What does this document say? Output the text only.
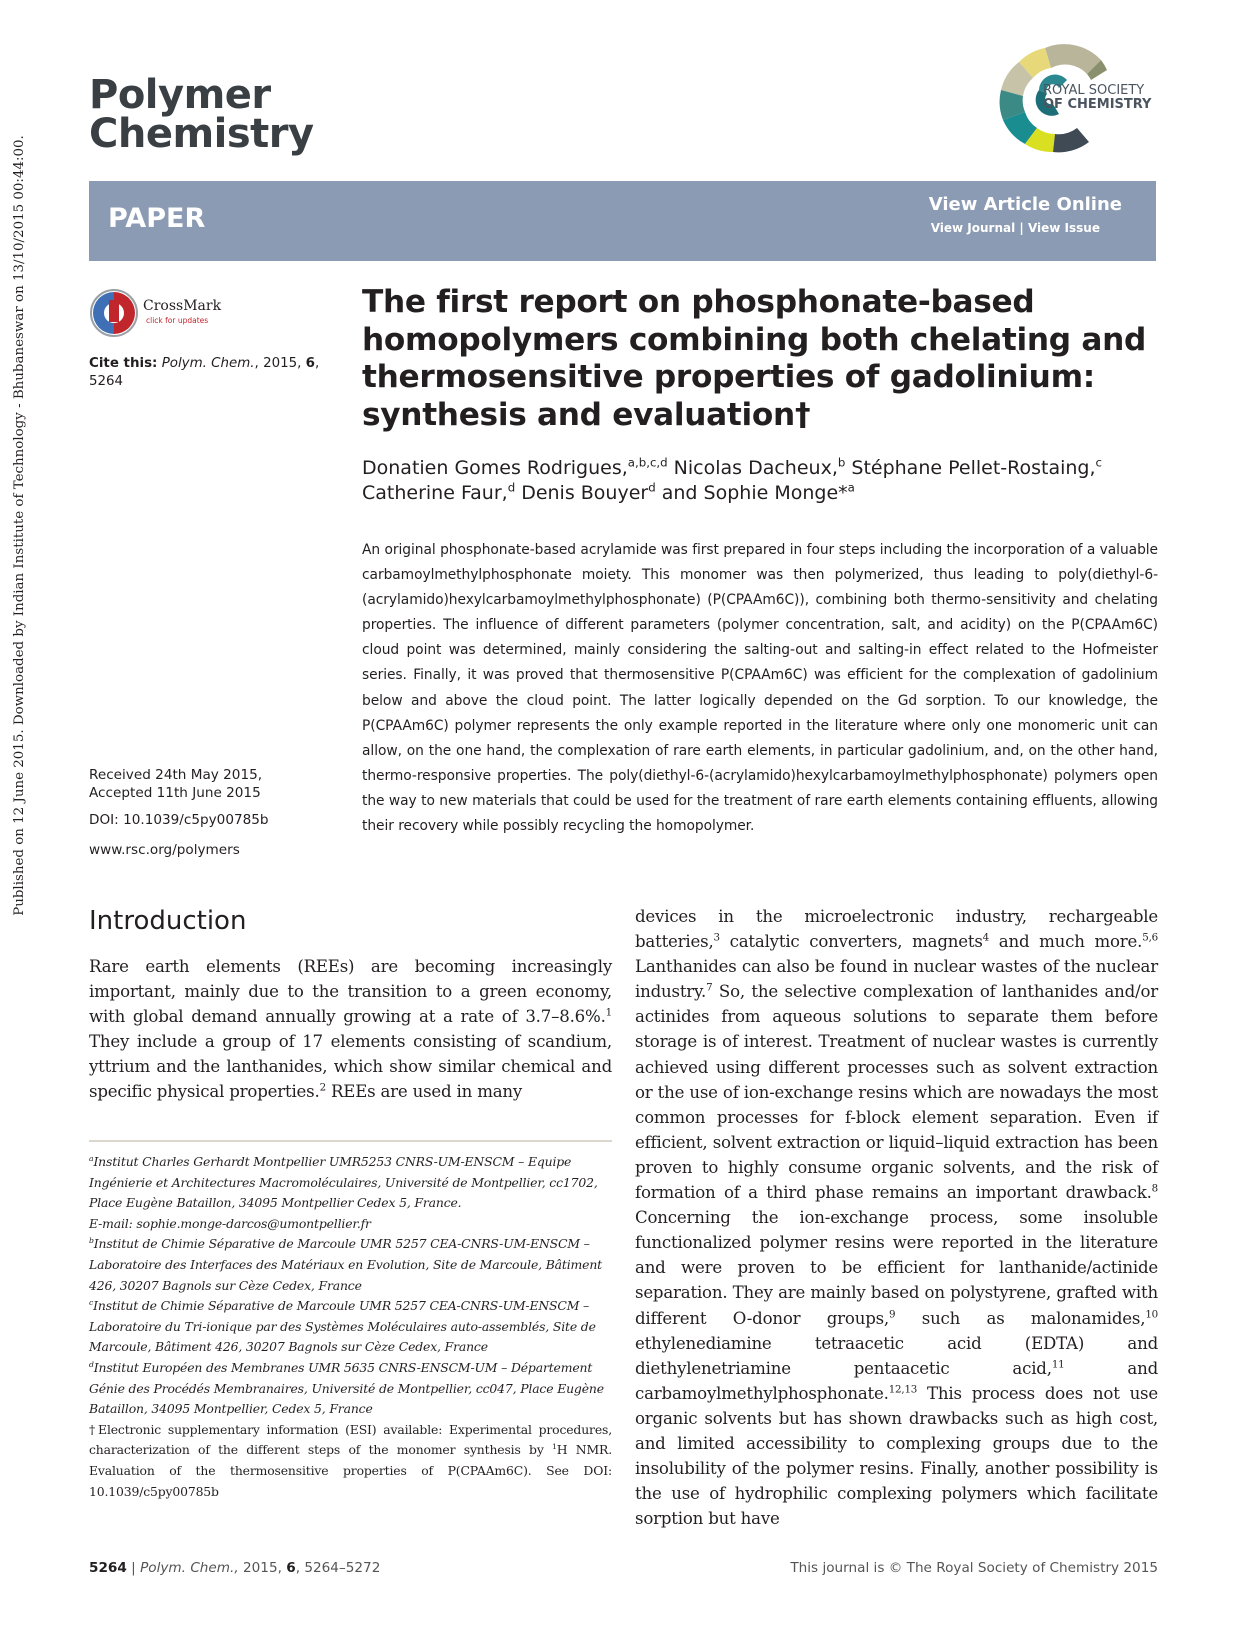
Published on 12 June 2015. Downloaded by Indian Institute of Technology - Bhubaneswar on 13/10/2015 00:44:00.
Polymer
Chemistry
ROYAL SOCIETY
OF CHEMISTRY
PAPER	View Article Online
View Journal | View Issue
CrossMark
click for updates
Cite this: Polym. Chem., 2015, 6,
5264
The first report on phosphonate-based
homopolymers combining both chelating and
thermosensitive properties of gadolinium:
synthesis and evaluation†
Donatien Gomes Rodrigues,$^{a,b,c,d}$ Nicolas Dacheux,$^b$ Stéphane Pellet-Rostaing,$^c$
Catherine Faur,$^d$ Denis Bouyer$^d$ and Sophie Monge*$^a$
An original phosphonate-based acrylamide was first prepared in four steps including the incorporation of a valuable carbamoylmethylphosphonate moiety. This monomer was then polymerized, thus leading to poly(diethyl-6-(acrylamido)hexylcarbamoylmethylphosphonate) (P(CPAAm6C)), combining both thermo-sensitivity and chelating properties. The influence of different parameters (polymer concentration, salt, and acidity) on the P(CPAAm6C) cloud point was determined, mainly considering the salting-out and salting-in effect related to the Hofmeister series. Finally, it was proved that thermosensitive P(CPAAm6C) was efficient for the complexation of gadolinium below and above the cloud point. The latter logically depended on the Gd sorption. To our knowledge, the P(CPAAm6C) polymer represents the only example reported in the literature where only one monomeric unit can allow, on the one hand, the complexation of rare earth elements, in particular gadolinium, and, on the other hand, thermo-responsive properties. The poly(diethyl-6-(acrylamido)hexylcarbamoylmethylphosphonate) polymers open the way to new materials that could be used for the treatment of rare earth elements containing effluents, allowing their recovery while possibly recycling the homopolymer.
Received 24th May 2015,
Accepted 11th June 2015
DOI: 10.1039/c5py00785b
www.rsc.org/polymers
Introduction
Rare earth elements (REEs) are becoming increasingly important, mainly due to the transition to a green economy, with global demand annually growing at a rate of 3.7–8.6%.$^1$ They include a group of 17 elements consisting of scandium, yttrium and the lanthanides, which show similar chemical and specific physical properties.$^2$ REEs are used in many

$^a$Institut Charles Gerhardt Montpellier UMR5253 CNRS-UM-ENSCM – Equipe

Ingénierie et Architectures Macromoléculaires, Université de Montpellier, cc1702,

Place Eugène Bataillon, 34095 Montpellier Cedex 5, France.

E-mail: sophie.monge-darcos@umontpellier.fr

$^b$Institut de Chimie Séparative de Marcoule UMR 5257 CEA-CNRS-UM-ENSCM –

Laboratoire des Interfaces des Matériaux en Evolution, Site de Marcoule, Bâtiment

426, 30207 Bagnols sur Cèze Cedex, France

$^c$Institut de Chimie Séparative de Marcoule UMR 5257 CEA-CNRS-UM-ENSCM –

Laboratoire du Tri-ionique par des Systèmes Moléculaires auto-assemblés, Site de

Marcoule, Bâtiment 426, 30207 Bagnols sur Cèze Cedex, France

$^d$Institut Européen des Membranes UMR 5635 CNRS-ENSCM-UM – Département

Génie des Procédés Membranaires, Université de Montpellier, cc047, Place Eugène

Bataillon, 34095 Montpellier, Cedex 5, France

†Electronic supplementary information (ESI) available: Experimental procedures, characterization of the different steps of the monomer synthesis by $^1$H NMR. Evaluation of the thermosensitive properties of P(CPAAm6C). See DOI: 10.1039/c5py00785b

devices in the microelectronic industry, rechargeable batteries,$^3$ catalytic converters, magnets$^4$ and much more.$^{5,6}$ Lanthanides can also be found in nuclear wastes of the nuclear industry.$^7$ So, the selective complexation of lanthanides and/or actinides from aqueous solutions to separate them before storage is of interest. Treatment of nuclear wastes is currently achieved using different processes such as solvent extraction or the use of ion-exchange resins which are nowadays the most common processes for f-block element separation. Even if efficient, solvent extraction or liquid–liquid extraction has been proven to highly consume organic solvents, and the risk of formation of a third phase remains an important drawback.$^8$ Concerning the ion-exchange process, some insoluble functionalized polymer resins were reported in the literature and were proven to be efficient for lanthanide/actinide separation. They are mainly based on polystyrene, grafted with different O-donor groups,$^9$ such as malonamides,$^{10}$ ethylenediamine tetraacetic acid (EDTA) and diethylenetriamine pentaacetic acid,$^{11}$ and carbamoylmethylphosphonate.$^{12,13}$ This process does not use organic solvents but has shown drawbacks such as high cost, and limited accessibility to complexing groups due to the insolubility of the polymer resins. Finally, another possibility is the use of hydrophilic complexing polymers which facilitate sorption but have
5264 | Polym. Chem., 2015, 6, 5264–5272	This journal is © The Royal Society of Chemistry 2015
